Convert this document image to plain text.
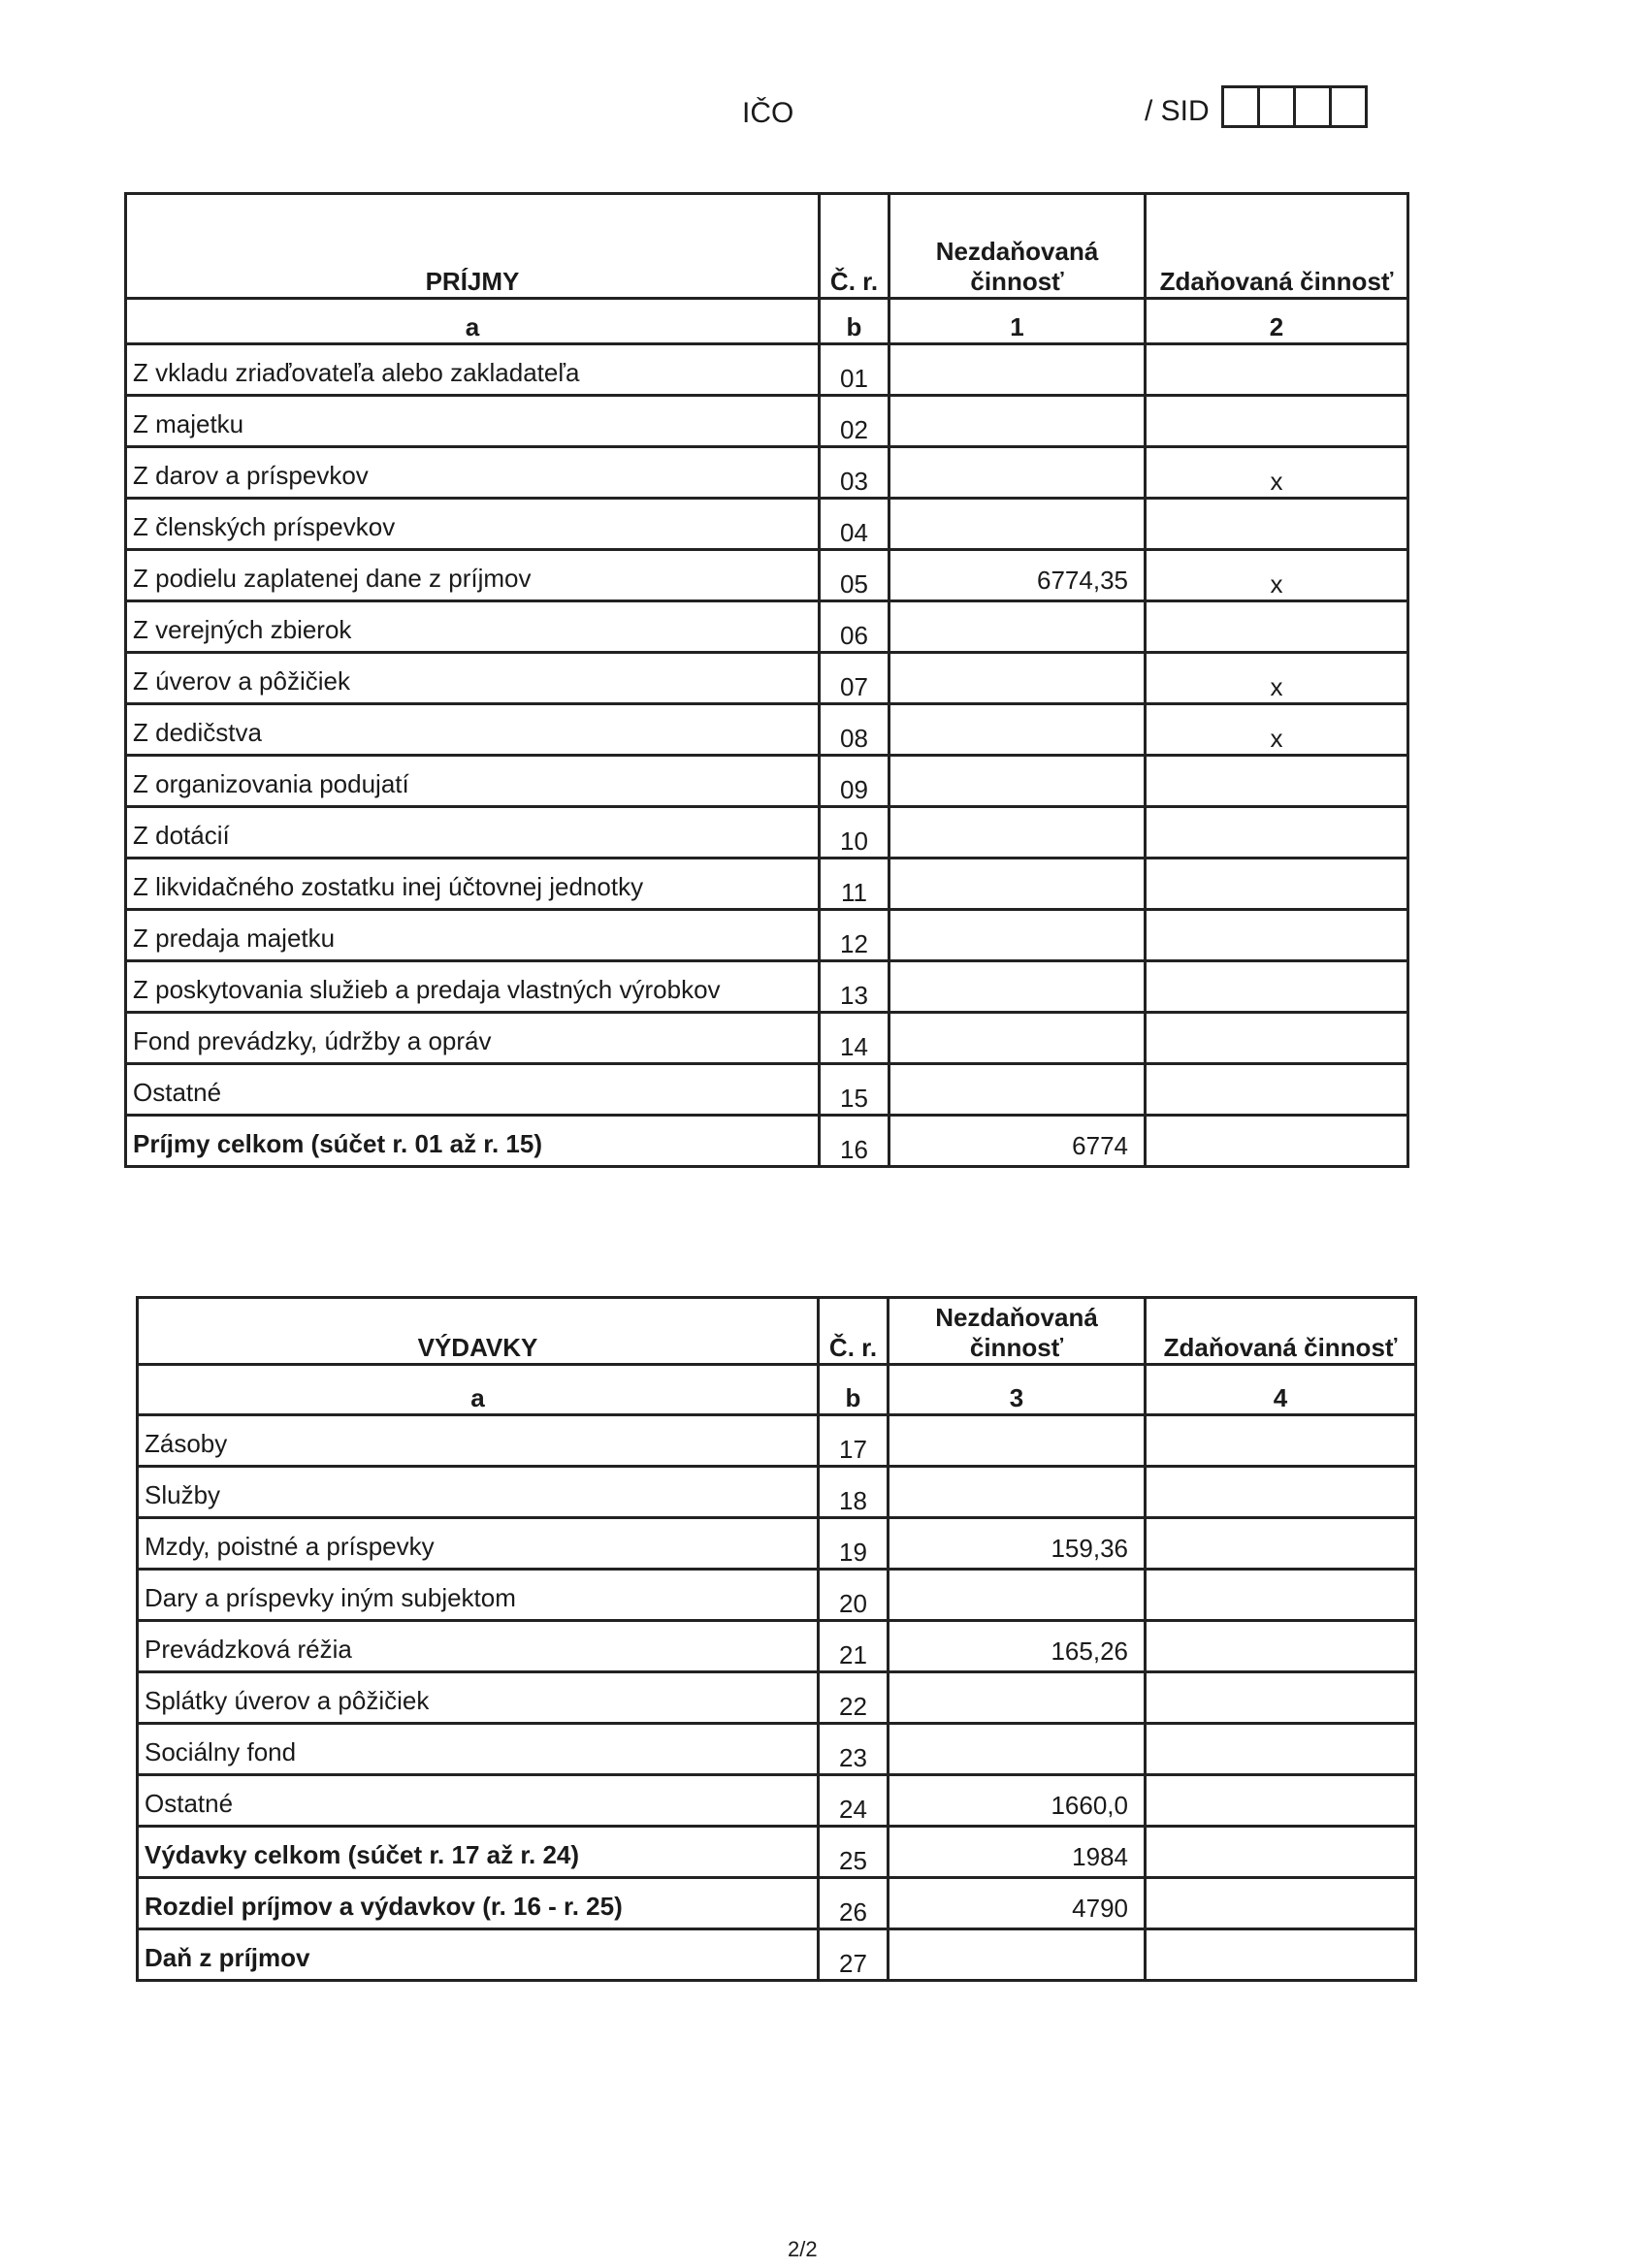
IČO	/ SID
PRÍJMY	Č. r.	Nezdaňovaná činnosť	Zdaňovaná činnosť
a	b	1	2
Z vkladu zriaďovateľa alebo zakladateľa	01		
Z majetku	02		
Z darov a príspevkov	03		x
Z členských príspevkov	04		
Z podielu zaplatenej dane z príjmov	05	6774,35	x
Z verejných zbierok	06		
Z úverov a pôžičiek	07		x
Z dedičstva	08		x
Z organizovania podujatí	09		
Z dotácií	10		
Z likvidačného zostatku inej účtovnej jednotky	11		
Z predaja majetku	12		
Z poskytovania služieb a predaja vlastných výrobkov	13		
Fond prevádzky, údržby a opráv	14		
Ostatné	15		
Príjmy celkom (súčet r. 01 až r. 15)	16	6774	
VÝDAVKY	Č. r.	Nezdaňovaná činnosť	Zdaňovaná činnosť
a	b	3	4
Zásoby	17		
Služby	18		
Mzdy, poistné a príspevky	19	159,36	
Dary a príspevky iným subjektom	20		
Prevádzková réžia	21	165,26	
Splátky úverov a pôžičiek	22		
Sociálny fond	23		
Ostatné	24	1660,0	
Výdavky celkom (súčet r. 17 až r. 24)	25	1984	
Rozdiel príjmov a výdavkov (r. 16 - r. 25)	26	4790	
Daň z príjmov	27		
2/2
